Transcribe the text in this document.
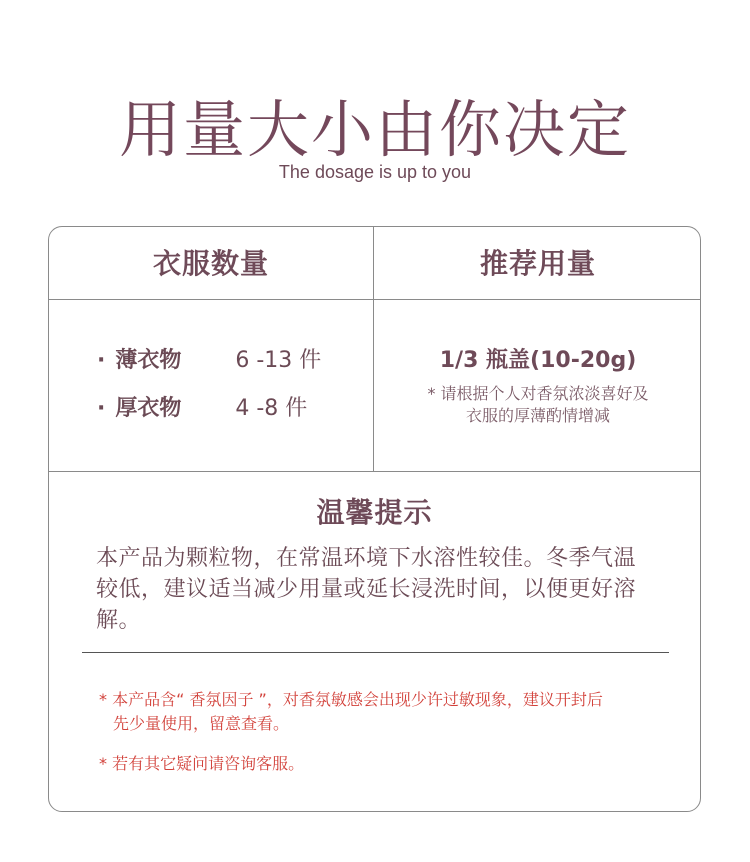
用量大小由你决定
The dosage is up to you
衣服数量	推荐用量
· 薄衣物 6 -13 件
· 厚衣物 4 -8 件
1/3 瓶盖(10-20g)
* 请根据个人对香氛浓淡喜好及
衣服的厚薄酌情增减
温馨提示
本产品为颗粒物，在常温环境下水溶性较佳。冬季气温较低，建议适当减少用量或延长浸洗时间，以便更好溶解。
* 本产品含“ 香氛因子 ”，对香氛敏感会出现少许过敏现象，建议开封后
先少量使用，留意查看。
* 若有其它疑问请咨询客服。
